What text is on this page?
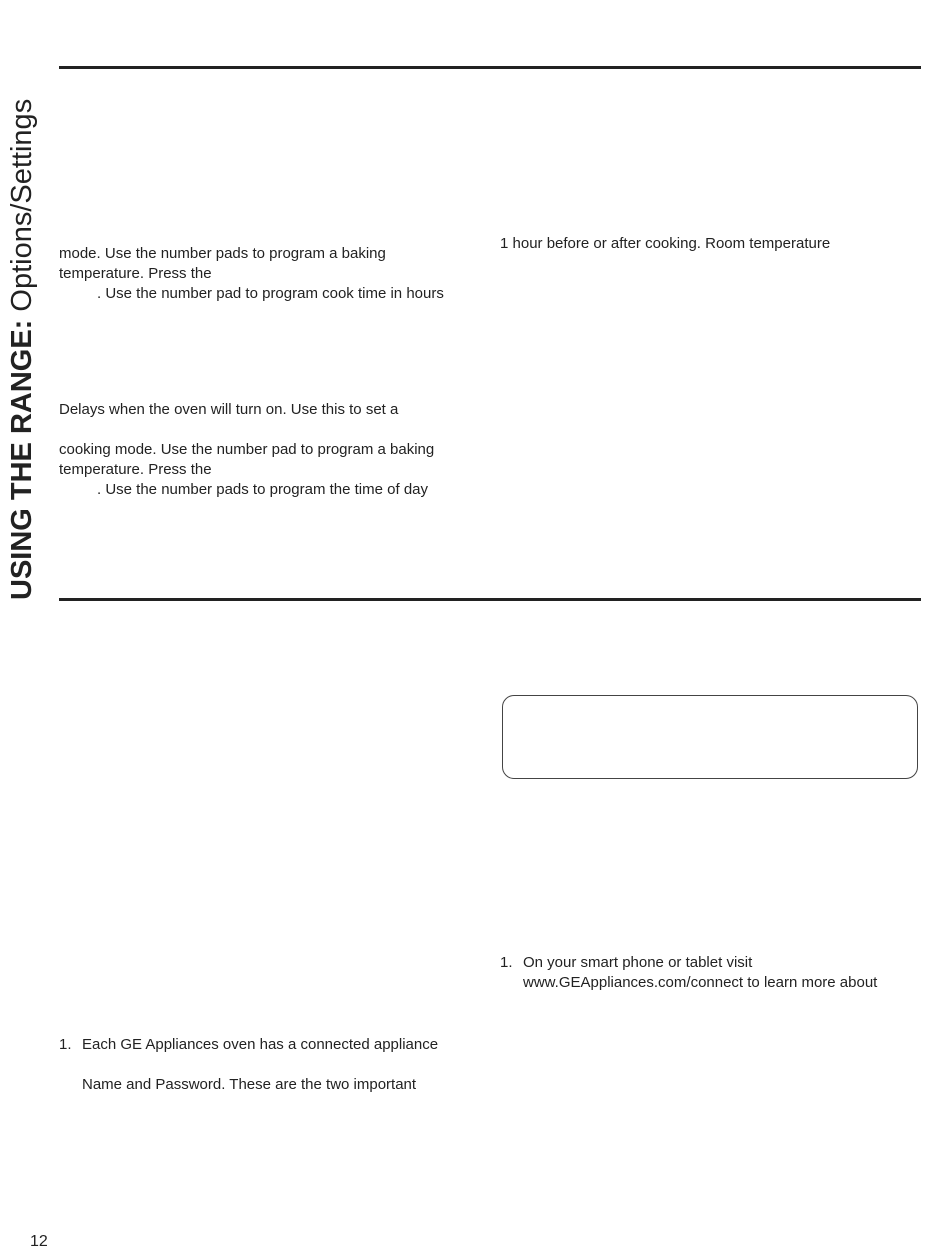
USING THE RANGE: Options/Settings mode. Use the number pads to program a baking
temperature. Press the
. Use the number pad to program cook time in hours
Delays when the oven will turn on. Use this to set a
cooking mode. Use the number pad to program a baking
temperature. Press the
. Use the number pads to program the time of day
1 hour before or after cooking. Room temperature
1. On your smart phone or tablet visit
www.GEAppliances.com/connect to learn more about
1. Each GE Appliances oven has a connected appliance
Name and Password. These are the two important
12
